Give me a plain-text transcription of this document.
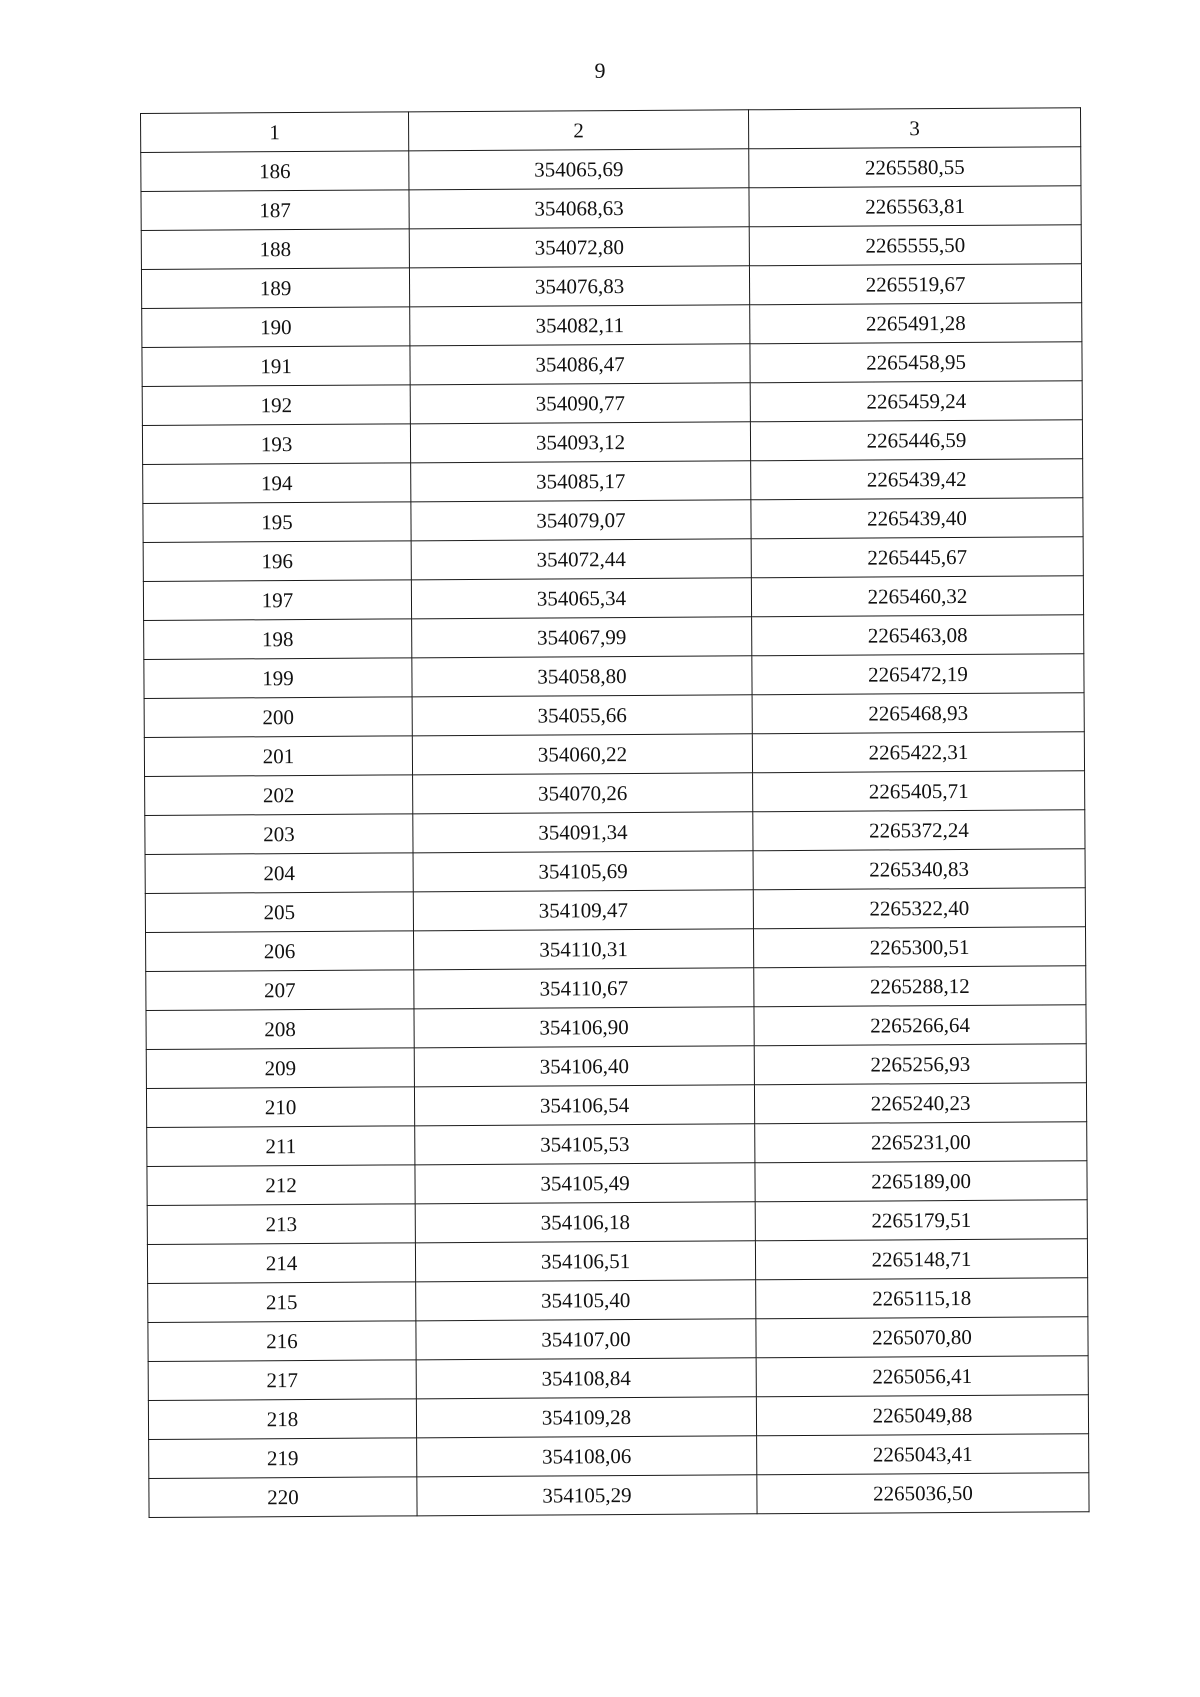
9
1	2	3
186	354065,69	2265580,55
187	354068,63	2265563,81
188	354072,80	2265555,50
189	354076,83	2265519,67
190	354082,11	2265491,28
191	354086,47	2265458,95
192	354090,77	2265459,24
193	354093,12	2265446,59
194	354085,17	2265439,42
195	354079,07	2265439,40
196	354072,44	2265445,67
197	354065,34	2265460,32
198	354067,99	2265463,08
199	354058,80	2265472,19
200	354055,66	2265468,93
201	354060,22	2265422,31
202	354070,26	2265405,71
203	354091,34	2265372,24
204	354105,69	2265340,83
205	354109,47	2265322,40
206	354110,31	2265300,51
207	354110,67	2265288,12
208	354106,90	2265266,64
209	354106,40	2265256,93
210	354106,54	2265240,23
211	354105,53	2265231,00
212	354105,49	2265189,00
213	354106,18	2265179,51
214	354106,51	2265148,71
215	354105,40	2265115,18
216	354107,00	2265070,80
217	354108,84	2265056,41
218	354109,28	2265049,88
219	354108,06	2265043,41
220	354105,29	2265036,50
